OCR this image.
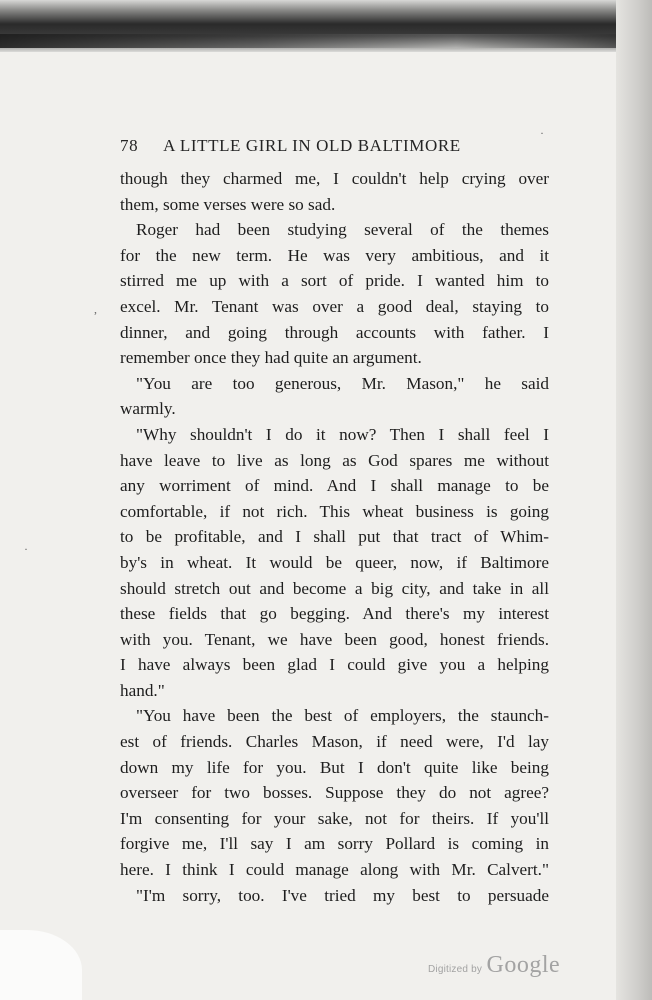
78 A LITTLE GIRL IN OLD BALTIMORE
·
,
·
though they charmed me, I couldn't help crying over
them, some verses were so sad.
Roger had been studying several of the themes
for the new term. He was very ambitious, and it
stirred me up with a sort of pride. I wanted him to
excel. Mr. Tenant was over a good deal, staying to
dinner, and going through accounts with father. I
remember once they had quite an argument.
"You are too generous, Mr. Mason," he said
warmly.
"Why shouldn't I do it now? Then I shall feel I
have leave to live as long as God spares me without
any worriment of mind. And I shall manage to be
comfortable, if not rich. This wheat business is going
to be profitable, and I shall put that tract of Whim-
by's in wheat. It would be queer, now, if Baltimore
should stretch out and become a big city, and take in all
these fields that go begging. And there's my interest
with you. Tenant, we have been good, honest friends.
I have always been glad I could give you a helping
hand."
"You have been the best of employers, the staunch-
est of friends. Charles Mason, if need were, I'd lay
down my life for you. But I don't quite like being
overseer for two bosses. Suppose they do not agree?
I'm consenting for your sake, not for theirs. If you'll
forgive me, I'll say I am sorry Pollard is coming in
here. I think I could manage along with Mr. Calvert."
"I'm sorry, too. I've tried my best to persuade
Digitized by Google
